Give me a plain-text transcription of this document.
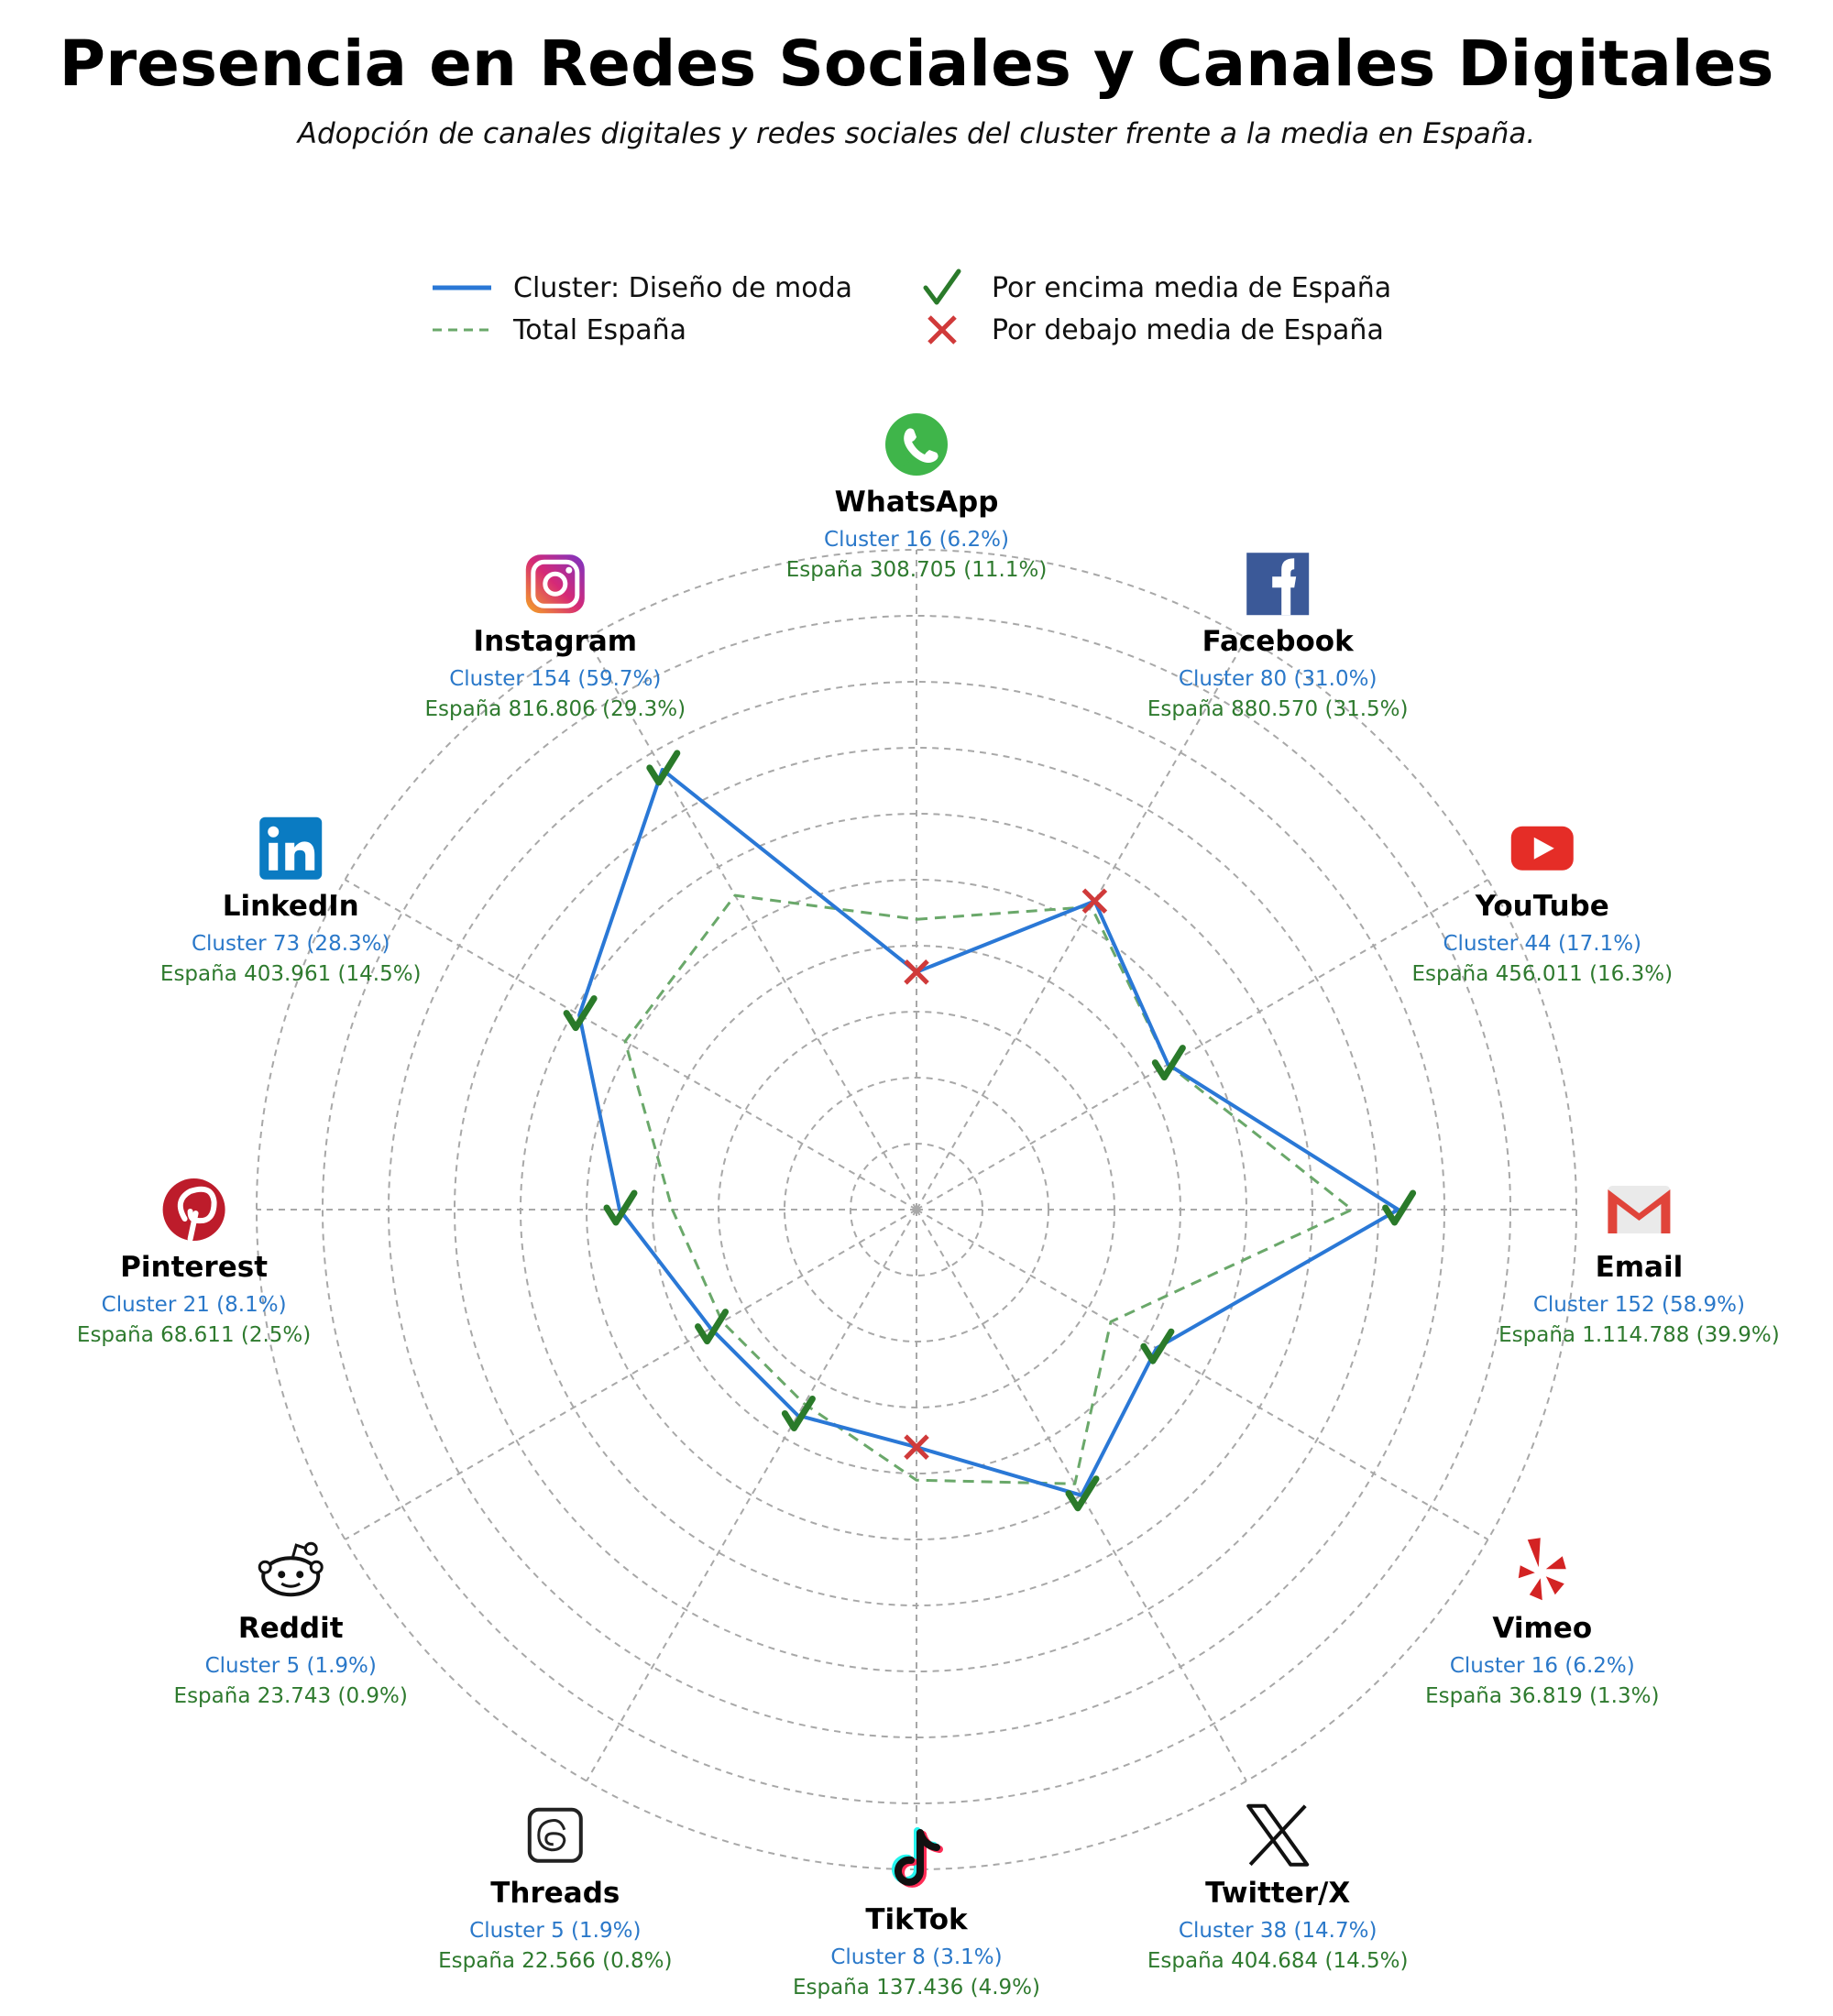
Presencia en Redes Sociales y Canales Digitales
Adopción de canales digitales y redes sociales del cluster frente a la media en España.
Cluster: Diseño de moda
Total España
Por encima media de España
Por debajo media de España
WhatsApp
Cluster 16 (6.2%)
España 308.705 (11.1%)
Facebook
Cluster 80 (31.0%)
España 880.570 (31.5%)
YouTube
Cluster 44 (17.1%)
España 456.011 (16.3%)
Email
Cluster 152 (58.9%)
España 1.114.788 (39.9%)
Vimeo
Cluster 16 (6.2%)
España 36.819 (1.3%)
Twitter/X
Cluster 38 (14.7%)
España 404.684 (14.5%)
TikTok
Cluster 8 (3.1%)
España 137.436 (4.9%)
Threads
Cluster 5 (1.9%)
España 22.566 (0.8%)
Reddit
Cluster 5 (1.9%)
España 23.743 (0.9%)
Pinterest
Cluster 21 (8.1%)
España 68.611 (2.5%)
LinkedIn
Cluster 73 (28.3%)
España 403.961 (14.5%)
Instagram
Cluster 154 (59.7%)
España 816.806 (29.3%)
